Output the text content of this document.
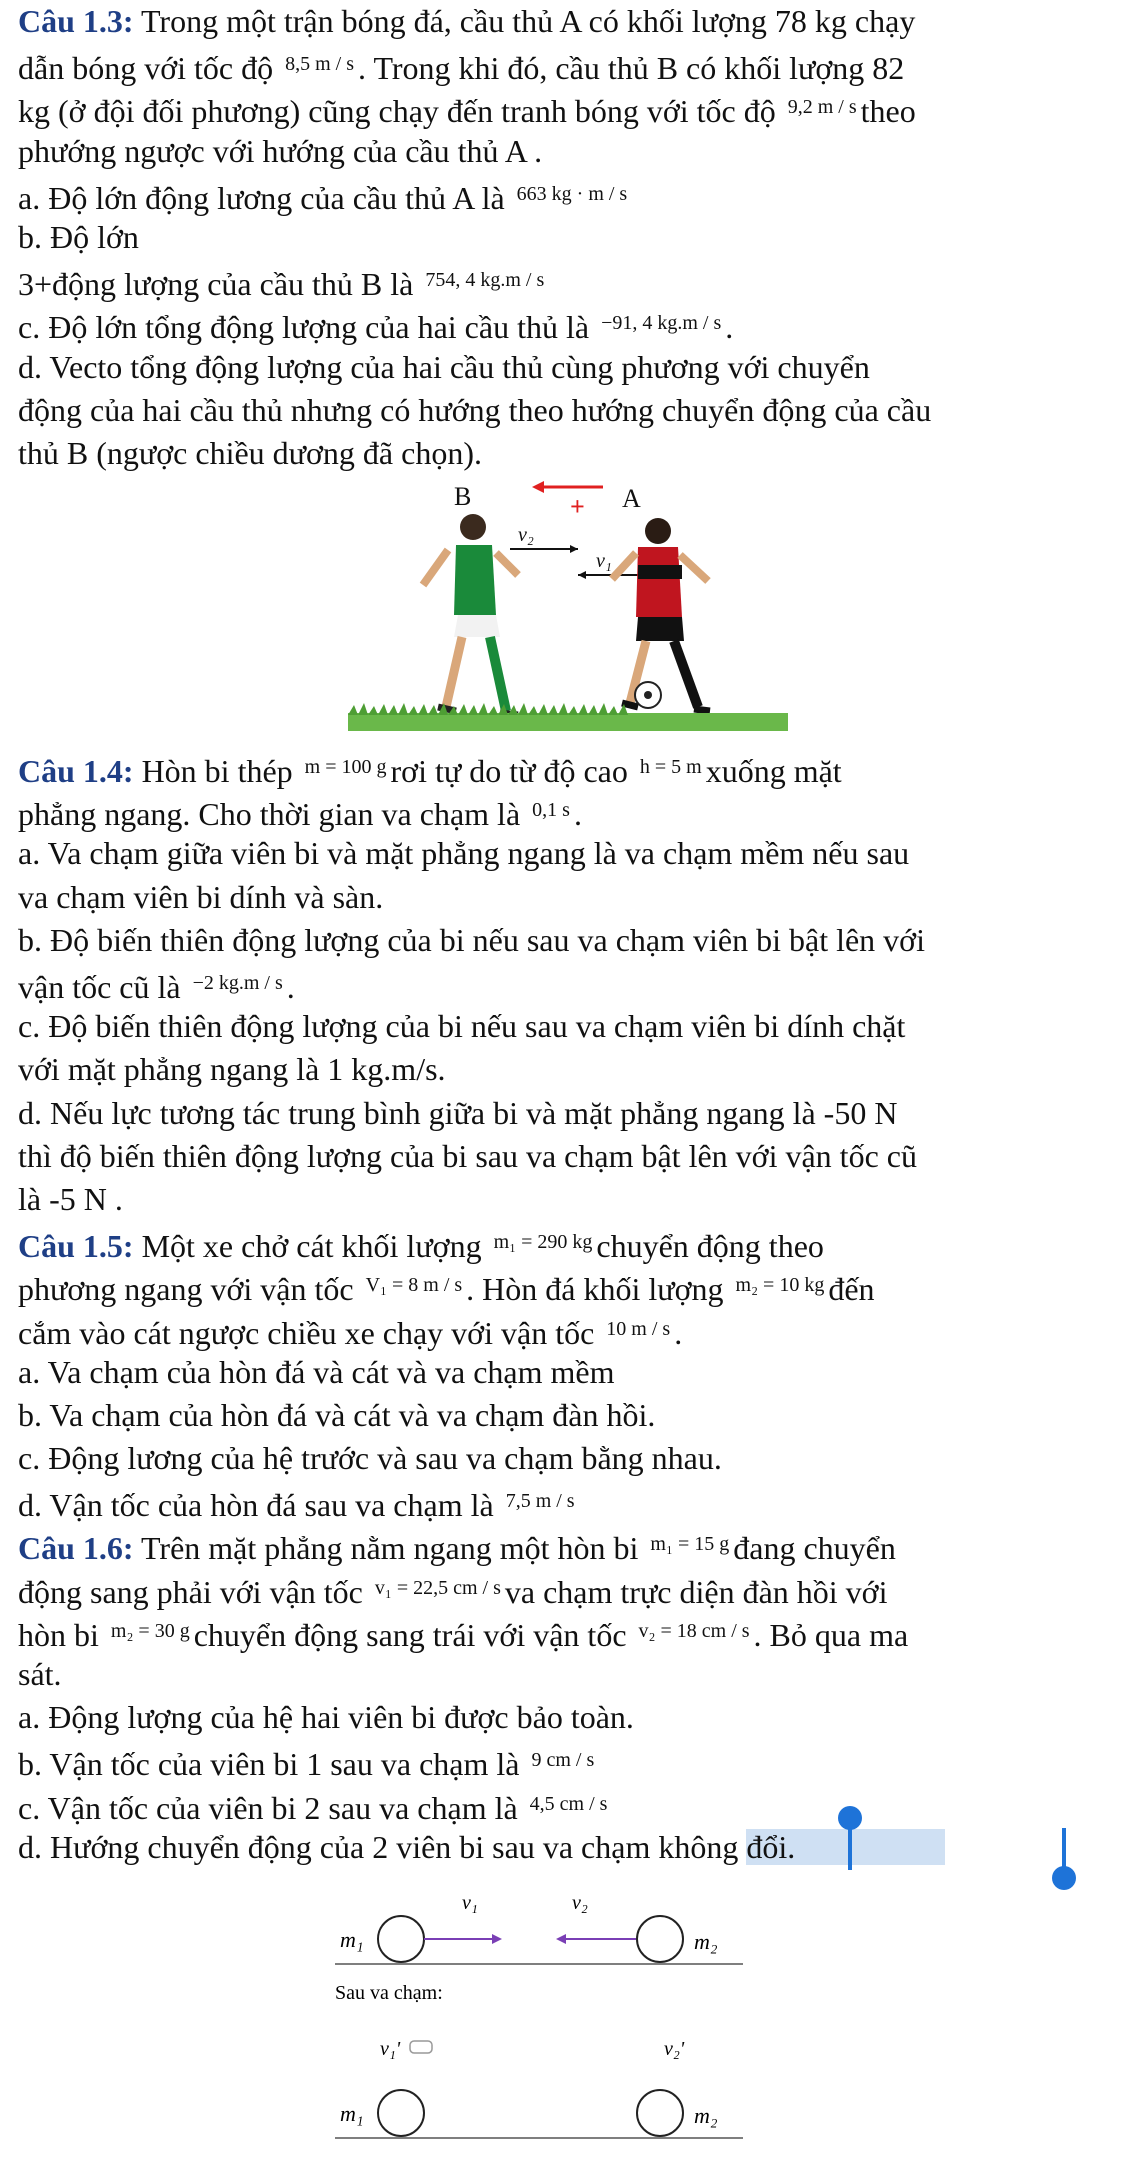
Câu 1.3: Trong một trận bóng đá, cầu thủ A có khối lượng 78 kg chạy
dẫn bóng với tốc độ $^{8,5 m / s}$ . Trong khi đó, cầu thủ B có khối lượng 82
kg (ở đội đối phương) cũng chạy đến tranh bóng với tốc độ $^{9,2 m / s}$ theo
phướng ngược với hướng của cầu thủ A .
a. Độ lớn động lương của cầu thủ A là $^{663 kg \cdot m / s}$
b. Độ lớn
3+động lượng của cầu thủ B là $^{754, 4 kg.m / s}$
c. Độ lớn tổng động lượng của hai cầu thủ là $^{-91, 4 kg.m / s}$ .
d. Vecto tổng động lượng của hai cầu thủ cùng phương với chuyển
động của hai cầu thủ nhưng có hướng theo hướng chuyển động của cầu
thủ B (ngược chiều dương đã chọn).
B	A
+
v₂
v₁
Câu 1.4: Hòn bi thép $^{m = 100 g}$ rơi tự do từ độ cao $^{h = 5 m}$ xuống mặt
phẳng ngang. Cho thời gian va chạm là $^{0,1 s}$ .
a. Va chạm giữa viên bi và mặt phẳng ngang là va chạm mềm nếu sau
va chạm viên bi dính và sàn.
b. Độ biến thiên động lượng của bi nếu sau va chạm viên bi bật lên với
vận tốc cũ là $^{-2 kg.m / s}$ .
c. Độ biến thiên động lượng của bi nếu sau va chạm viên bi dính chặt
với mặt phẳng ngang là 1 kg.m/s.
d. Nếu lực tương tác trung bình giữa bi và mặt phẳng ngang là -50 N
thì độ biến thiên động lượng của bi sau va chạm bật lên với vận tốc cũ
là -5 N .
Câu 1.5: Một xe chở cát khối lượng $^{m_1 = 290 kg}$ chuyển động theo
phương ngang với vận tốc $^{V_1 = 8 m / s}$ . Hòn đá khối lượng $^{m_2 = 10 kg}$ đến
cắm vào cát ngược chiều xe chạy với vận tốc $^{10 m / s}$ .
a. Va chạm của hòn đá và cát và va chạm mềm
b. Va chạm của hòn đá và cát và va chạm đàn hồi.
c. Động lương của hệ trước và sau va chạm bằng nhau.
d. Vận tốc của hòn đá sau va chạm là $^{7,5 m / s}$
Câu 1.6: Trên mặt phẳng nằm ngang một hòn bi $^{m_1 = 15 g}$ đang chuyển
động sang phải với vận tốc $^{v_1 = 22,5 cm / s}$ va chạm trực diện đàn hồi với
hòn bi $^{m_2 = 30 g}$ chuyển động sang trái với vận tốc $^{v_2 = 18 cm / s}$ . Bỏ qua ma
sát.
a. Động lượng của hệ hai viên bi được bảo toàn.
b. Vận tốc của viên bi 1 sau va chạm là $^{9 cm / s}$
c. Vận tốc của viên bi 2 sau va chạm là $^{4,5 cm / s}$
d. Hướng chuyển động của 2 viên bi sau va chạm không đổi.
m₁
v₁	v₂
m₂
Sau va chạm:
v₁'	v₂'
m₁	m₂
